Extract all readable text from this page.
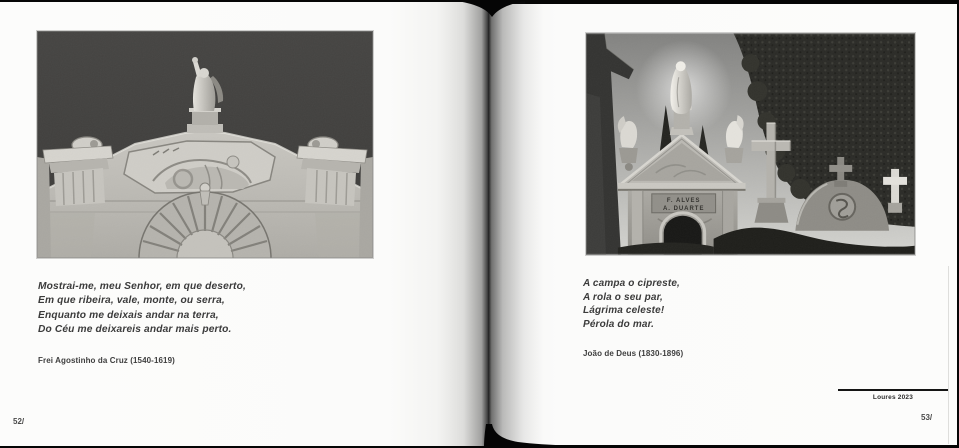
Mostrai-me, meu Senhor, em que deserto,
Em que ribeira, vale, monte, ou serra,
Enquanto me deixais andar na terra,
Do Céu me deixareis andar mais perto.
Frei Agostinho da Cruz (1540-1619)
52/
F. ALVES
A. DUARTE
A campa o cipreste,
A rola o seu par,
Lágrima celeste!
Pérola do mar.
João de Deus (1830-1896)
Loures 2023
53/
